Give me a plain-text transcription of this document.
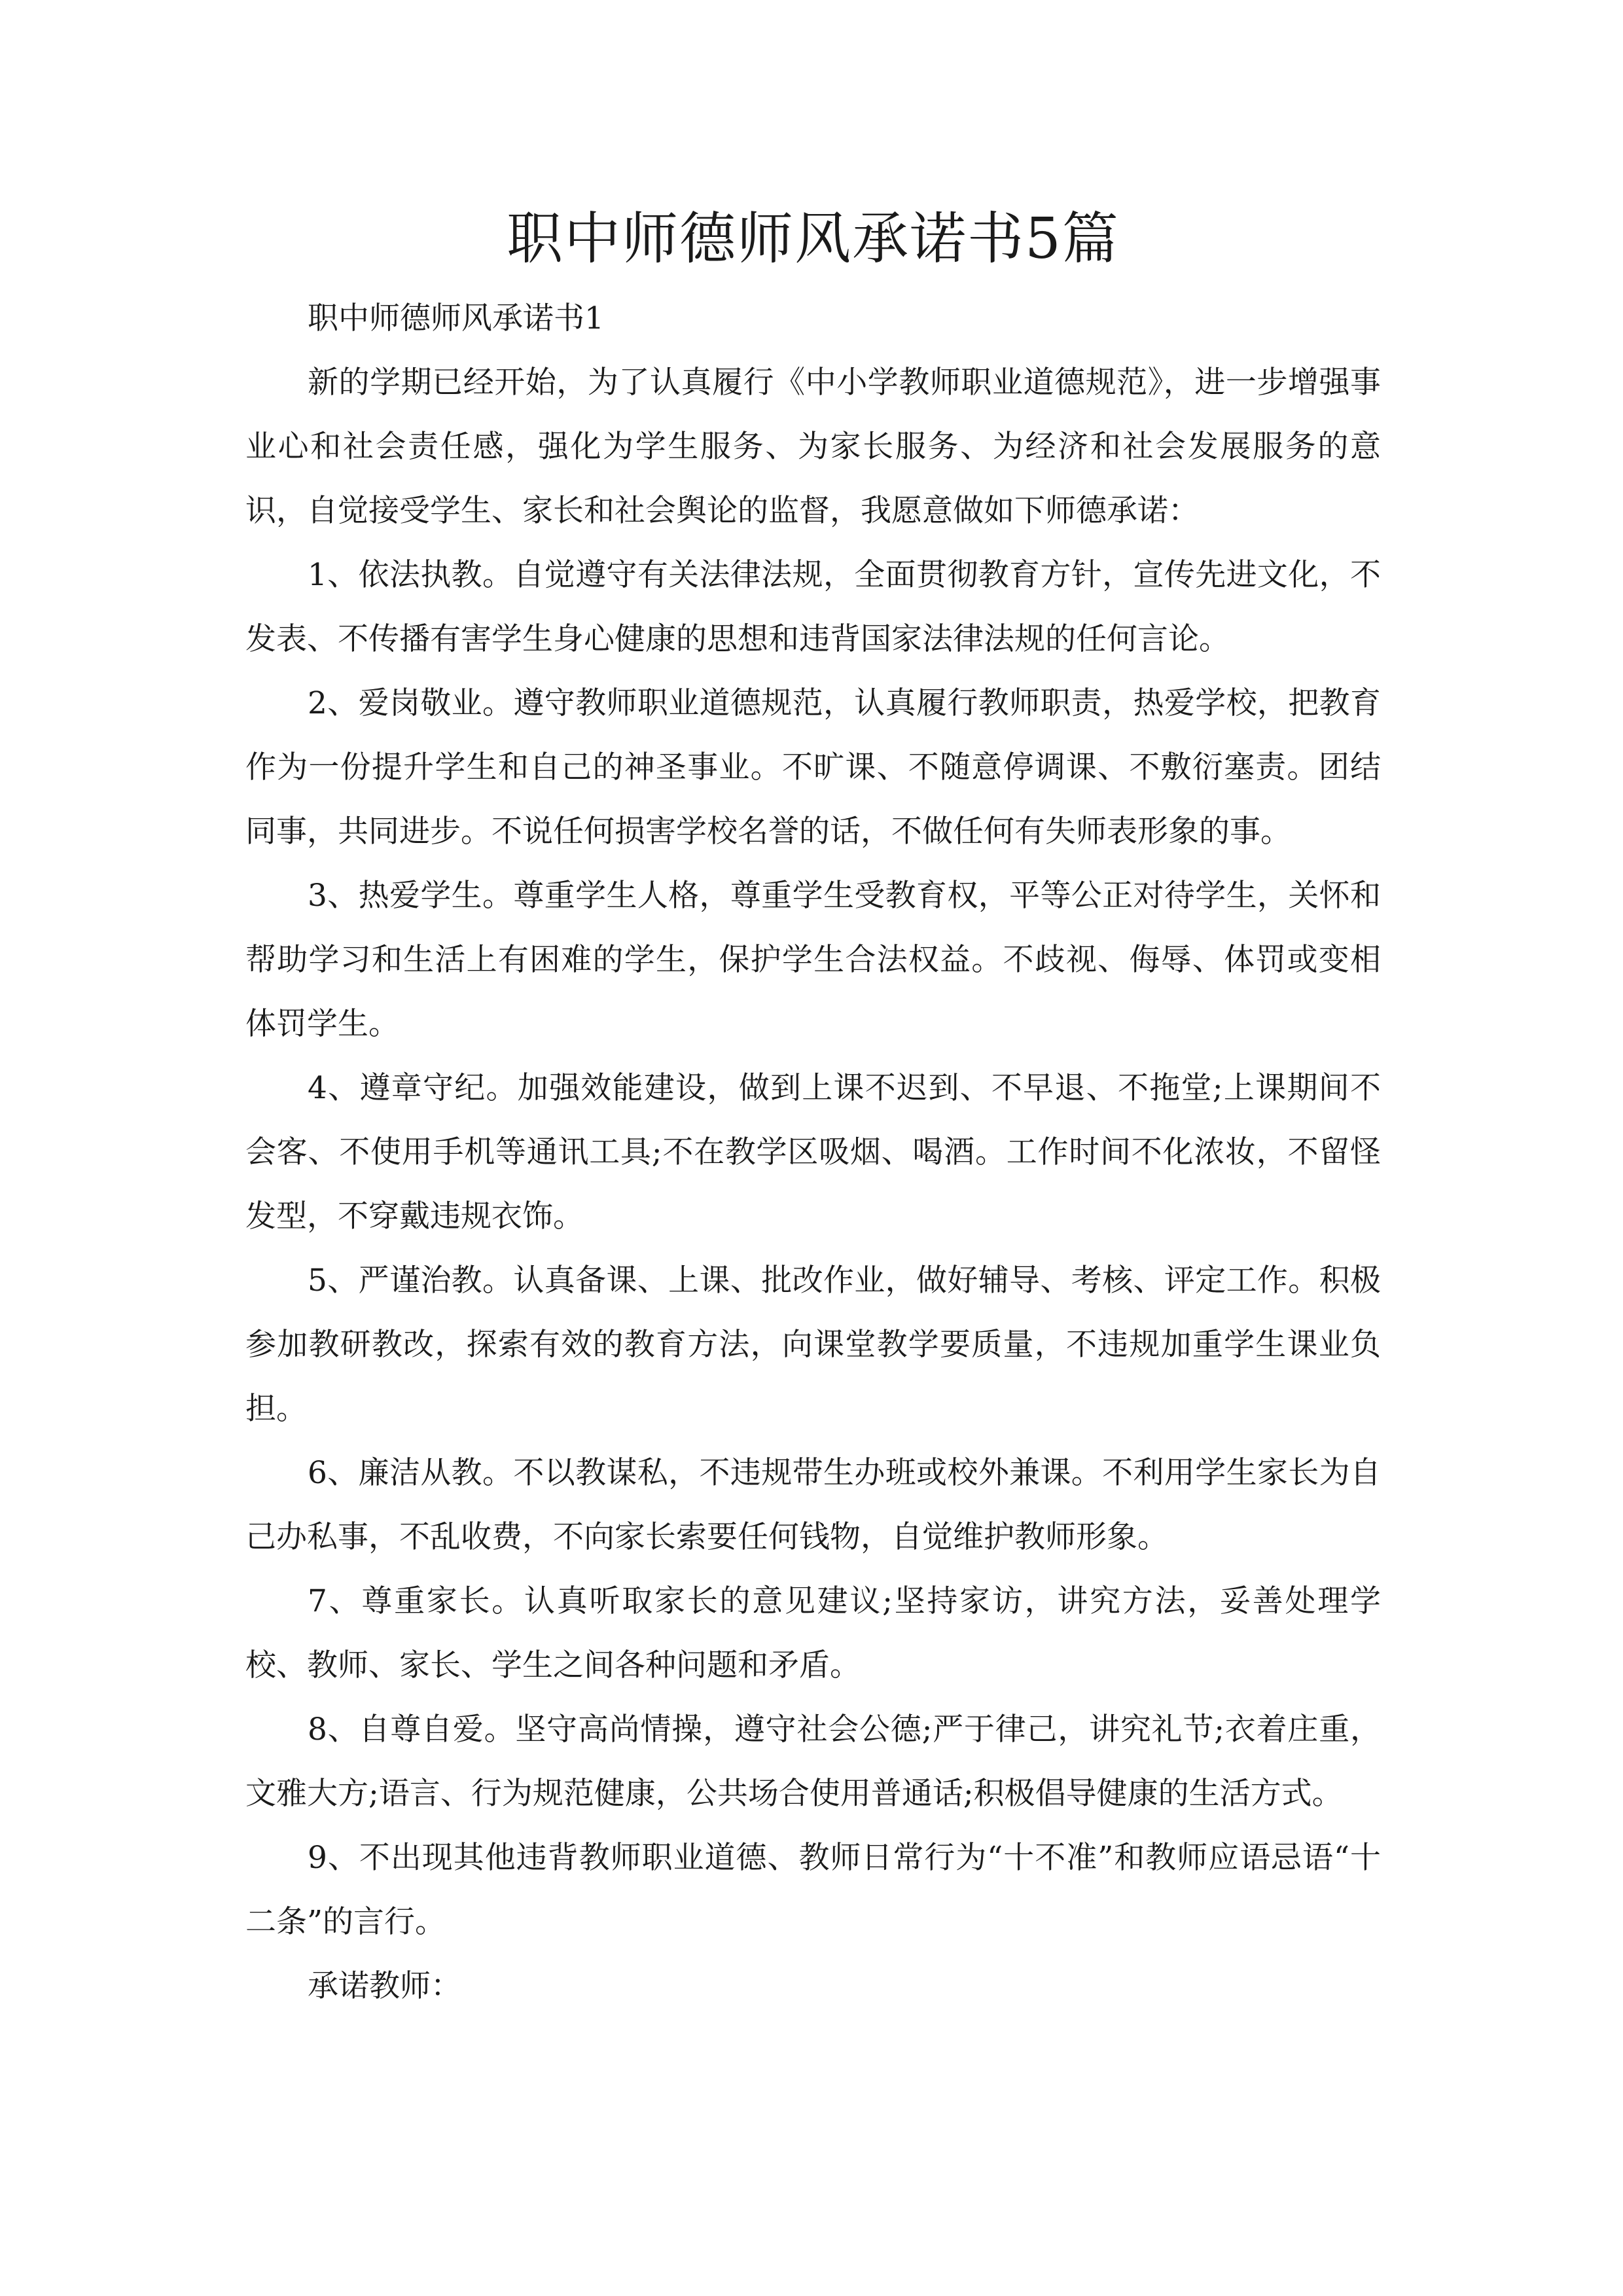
职中师德师风承诺书5篇

职中师德师风承诺书1

新的学期已经开始，为了认真履行《中小学教师职业道德规范》，进一步增强事业心和社会责任感，强化为学生服务、为家长服务、为经济和社会发展服务的意识，自觉接受学生、家长和社会舆论的监督，我愿意做如下师德承诺：

1、依法执教。自觉遵守有关法律法规，全面贯彻教育方针，宣传先进文化，不发表、不传播有害学生身心健康的思想和违背国家法律法规的任何言论。

2、爱岗敬业。遵守教师职业道德规范，认真履行教师职责，热爱学校，把教育作为一份提升学生和自己的神圣事业。不旷课、不随意停调课、不敷衍塞责。团结同事，共同进步。不说任何损害学校名誉的话，不做任何有失师表形象的事。

3、热爱学生。尊重学生人格，尊重学生受教育权，平等公正对待学生，关怀和帮助学习和生活上有困难的学生，保护学生合法权益。不歧视、侮辱、体罚或变相体罚学生。

4、遵章守纪。加强效能建设，做到上课不迟到、不早退、不拖堂;上课期间不会客、不使用手机等通讯工具;不在教学区吸烟、喝酒。工作时间不化浓妆，不留怪发型，不穿戴违规衣饰。

5、严谨治教。认真备课、上课、批改作业，做好辅导、考核、评定工作。积极参加教研教改，探索有效的教育方法，向课堂教学要质量，不违规加重学生课业负担。

6、廉洁从教。不以教谋私，不违规带生办班或校外兼课。不利用学生家长为自己办私事，不乱收费，不向家长索要任何钱物，自觉维护教师形象。

7、尊重家长。认真听取家长的意见建议;坚持家访，讲究方法，妥善处理学校、教师、家长、学生之间各种问题和矛盾。

8、自尊自爱。坚守高尚情操，遵守社会公德;严于律己，讲究礼节;衣着庄重，文雅大方;语言、行为规范健康，公共场合使用普通话;积极倡导健康的生活方式。

9、不出现其他违背教师职业道德、教师日常行为“十不准”和教师应语忌语“十二条”的言行。

承诺教师：
